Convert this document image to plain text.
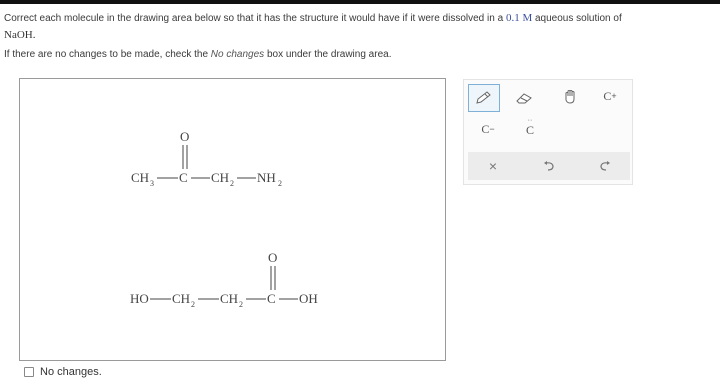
Correct each molecule in the drawing area below so that it has the structure it would have if it were dissolved in a 0.1 M aqueous solution of
NaOH.
If there are no changes to be made, check the No changes box under the drawing area.
CH 3 C
O
CH 2 NH 2
HO CH 2 CH 2 C
O
OH
C +
C −
··
C
×
No changes.
